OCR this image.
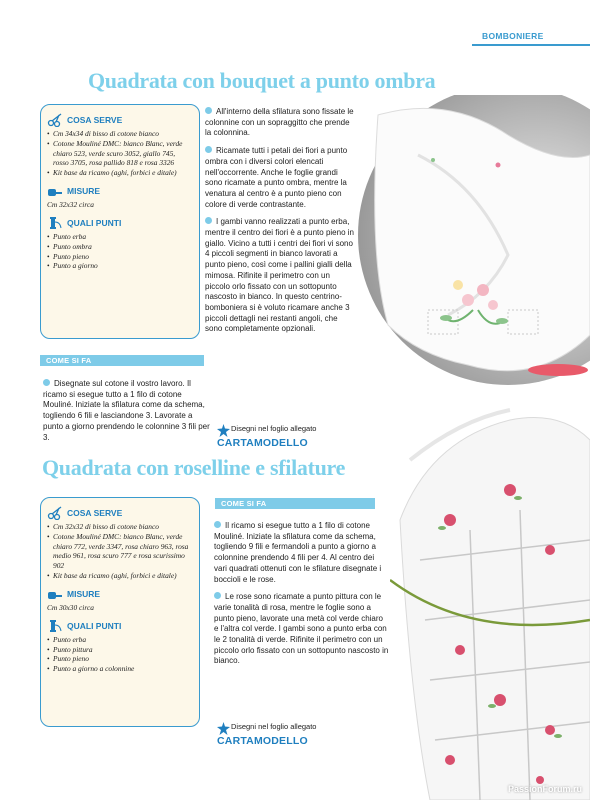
BOMBONIERE
Quadrata con bouquet a punto ombra
COSA SERVE
• Cm 34x34 di bisso di cotone bianco
• Cotone Mouliné DMC: bianco Blanc, verde chiaro 523, verde scuro 3052, giallo 745, rosso 3705, rosa pallido 818 e rosa 3326
• Kit base da ricamo (aghi, forbici e ditale)
MISURE
Cm 32x32 circa
QUALI PUNTI
• Punto erba
• Punto ombra
• Punto pieno
• Punto a giorno
COME SI FA

Disegnate sul cotone il vostro lavoro. Il ricamo si esegue tutto a 1 filo di cotone Mouliné. Iniziate la sfilatura come da schema, togliendo 6 fili e lasciandone 3. Lavorate a punto a giorno prendendo le colonnine 3 fili per 3.

All'interno della sfilatura sono fissate le colonnine con un sopraggitto che prende la colonnina.

Ricamate tutti i petali dei fiori a punto ombra con i diversi colori elencati nell'occorrente. Anche le foglie grandi sono ricamate a punto ombra, mentre la venatura al centro è a punto pieno con colore di verde contrastante.

I gambi vanno realizzati a punto erba, mentre il centro dei fiori è a punto pieno in giallo. Vicino a tutti i centri dei fiori vi sono 4 piccoli segmenti in bianco lavorati a punto pieno, così come i pallini gialli della mimosa. Rifinite il perimetro con un piccolo orlo fissato con un sottopunto nascosto in bianco. In questo centrino-bomboniera si è voluto ricamare anche 3 piccoli dettagli nei restanti angoli, che sono completamente opzionali.

Disegni nel foglio allegato
CARTAMODELLO
Quadrata con roselline e sfilature
COSA SERVE
• Cm 32x32 di bisso di cotone bianco
• Cotone Mouliné DMC: bianco Blanc, verde chiaro 772, verde 3347, rosa chiaro 963, rosa medio 961, rosa scuro 777 e rosa scurissimo 902
• Kit base da ricamo (aghi, forbici e ditale)
MISURE
Cm 30x30 circa
QUALI PUNTI
• Punto erba
• Punto pittura
• Punto pieno
• Punto a giorno a colonnine
COME SI FA

Il ricamo si esegue tutto a 1 filo di cotone Mouliné. Iniziate la sfilatura come da schema, togliendo 9 fili e fermandoli a punto a giorno a colonnine prendendo 4 fili per 4. Al centro dei vari quadrati ottenuti con le sfilature disegnate i boccioli e le rose.

Le rose sono ricamate a punto pittura con le varie tonalità di rosa, mentre le foglie sono a punto pieno, lavorate una metà col verde chiaro e l'altra col verde. I gambi sono a punto erba con le 2 tonalità di verde. Rifinite il perimetro con un piccolo orlo fissato con un sottopunto nascosto in bianco.

Disegni nel foglio allegato
CARTAMODELLO
PassionForum.ru
